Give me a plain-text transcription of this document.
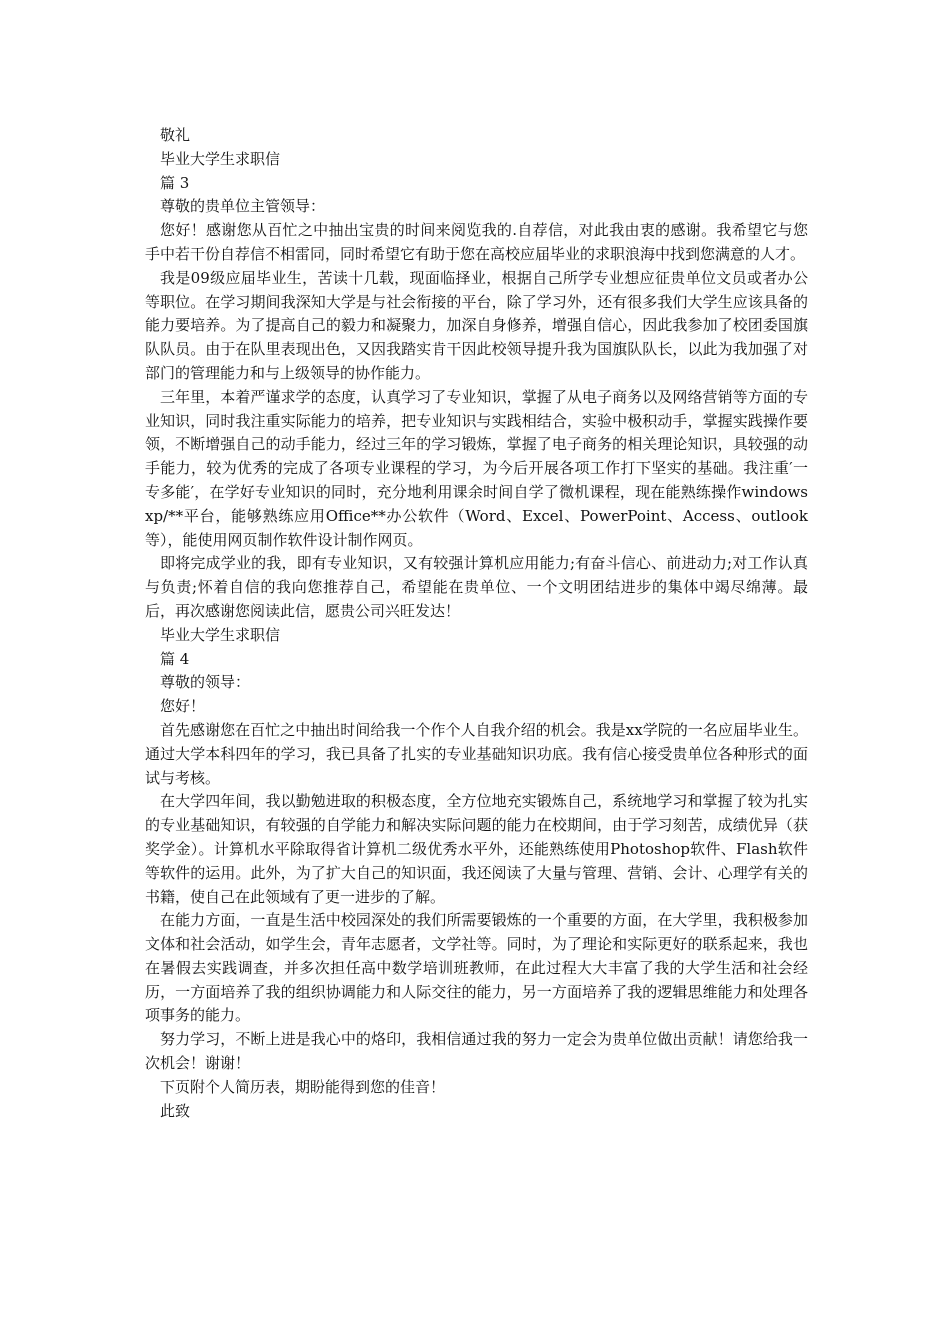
敬礼

毕业大学生求职信

篇 3

尊敬的贵单位主管领导：

您好！感谢您从百忙之中抽出宝贵的时间来阅览我的.自荐信，对此我由衷的感谢。我希望它与您手中若干份自荐信不相雷同，同时希望它有助于您在高校应届毕业的求职浪海中找到您满意的人才。

我是09级应届毕业生，苦读十几载，现面临择业，根据自己所学专业想应征贵单位文员或者办公等职位。在学习期间我深知大学是与社会衔接的平台，除了学习外，还有很多我们大学生应该具备的能力要培养。为了提高自己的毅力和凝聚力，加深自身修养，增强自信心，因此我参加了校团委国旗队队员。由于在队里表现出色，又因我踏实肯干因此校领导提升我为国旗队队长，以此为我加强了对部门的管理能力和与上级领导的协作能力。

三年里，本着严谨求学的态度，认真学习了专业知识，掌握了从电子商务以及网络营销等方面的专业知识，同时我注重实际能力的培养，把专业知识与实践相结合，实验中极积动手，掌握实践操作要领，不断增强自己的动手能力，经过三年的学习锻炼，掌握了电子商务的相关理论知识，具较强的动手能力，较为优秀的完成了各项专业课程的学习，为今后开展各项工作打下坚实的基础。我注重′一专多能′，在学好专业知识的同时，充分地利用课余时间自学了微机课程，现在能熟练操作windowsxp/**平台，能够熟练应用Office**办公软件（Word、Excel、PowerPoint、Access、outlook等），能使用网页制作软件设计制作网页。

即将完成学业的我，即有专业知识，又有较强计算机应用能力;有奋斗信心、前进动力;对工作认真与负责;怀着自信的我向您推荐自己，希望能在贵单位、一个文明团结进步的集体中竭尽绵薄。最后，再次感谢您阅读此信，愿贵公司兴旺发达！

毕业大学生求职信

篇 4

尊敬的领导：

您好！

首先感谢您在百忙之中抽出时间给我一个作个人自我介绍的机会。我是xx学院的一名应届毕业生。通过大学本科四年的学习，我已具备了扎实的专业基础知识功底。我有信心接受贵单位各种形式的面试与考核。

在大学四年间，我以勤勉进取的积极态度，全方位地充实锻炼自己，系统地学习和掌握了较为扎实的专业基础知识，有较强的自学能力和解决实际问题的能力在校期间，由于学习刻苦，成绩优异（获奖学金）。计算机水平除取得省计算机二级优秀水平外，还能熟练使用Photoshop软件、Flash软件等软件的运用。此外，为了扩大自己的知识面，我还阅读了大量与管理、营销、会计、心理学有关的书籍，使自己在此领域有了更一进步的了解。

在能力方面，一直是生活中校园深处的我们所需要锻炼的一个重要的方面，在大学里，我积极参加文体和社会活动，如学生会，青年志愿者，文学社等。同时，为了理论和实际更好的联系起来，我也在暑假去实践调查，并多次担任高中数学培训班教师，在此过程大大丰富了我的大学生活和社会经历，一方面培养了我的组织协调能力和人际交往的能力，另一方面培养了我的逻辑思维能力和处理各项事务的能力。

努力学习，不断上进是我心中的烙印，我相信通过我的努力一定会为贵单位做出贡献！请您给我一次机会！谢谢！

下页附个人简历表，期盼能得到您的佳音！

此致
